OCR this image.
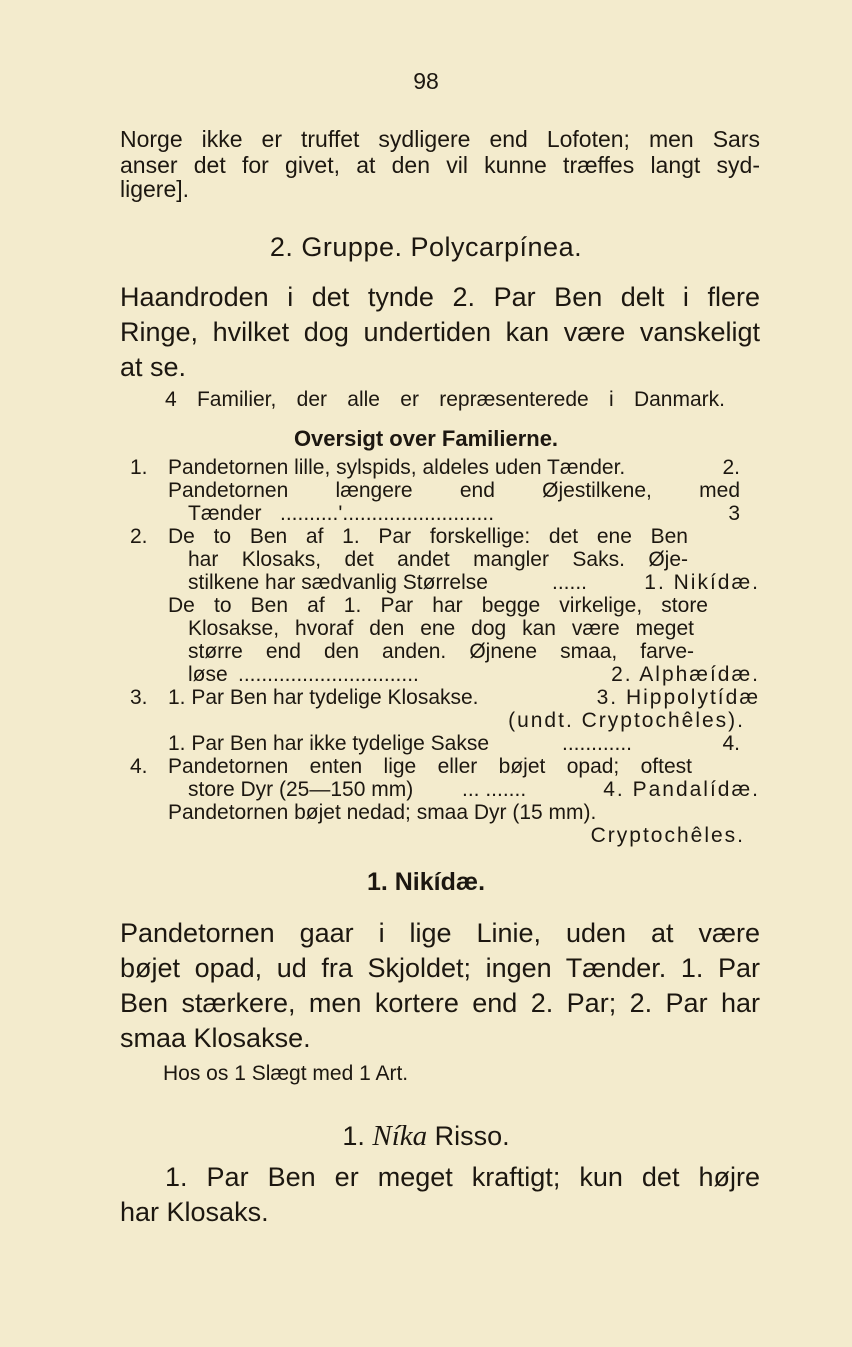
98
Norge ikke er truffet sydligere end Lofoten; men Sars
anser det for givet, at den vil kunne træffes langt syd-
ligere].
2. Gruppe. Polycarpínea.
Haandroden i det tynde 2. Par Ben delt i flere
Ringe, hvilket dog undertiden kan være vanskeligt
at se.
4 Familier, der alle er repræsenterede i Danmark.
Oversigt over Familierne.
1. Pandetornen lille, sylspids, aldeles uden Tænder.	2.
Pandetornen længere end Øjestilkene, med
Tænder ..........'..........................	3
2. De to Ben af 1. Par forskellige: det ene Ben
har Klosaks, det andet mangler Saks. Øje-
stilkene har sædvanlig Størrelse	......	1. Nikídæ.
De to Ben af 1. Par har begge virkelige, store
Klosakse, hvoraf den ene dog kan være meget
større end den anden. Øjnene smaa, farve-
løse ...............................	2. Alphæídæ.
3. 1. Par Ben har tydelige Klosakse.	3. Hippolytídæ
(undt. Cryptochêles).
1. Par Ben har ikke tydelige Sakse	............	4.
4. Pandetornen enten lige eller bøjet opad; oftest
store Dyr (25—150 mm) ... .......	4. Pandalídæ.
Pandetornen bøjet nedad; smaa Dyr (15 mm).
Cryptochêles.
1. Nikídæ.
Pandetornen gaar i lige Linie, uden at være
bøjet opad, ud fra Skjoldet; ingen Tænder. 1. Par
Ben stærkere, men kortere end 2. Par; 2. Par har
smaa Klosakse.
Hos os 1 Slægt med 1 Art.
1. Níka Risso.
1. Par Ben er meget kraftigt; kun det højre
har Klosaks.
